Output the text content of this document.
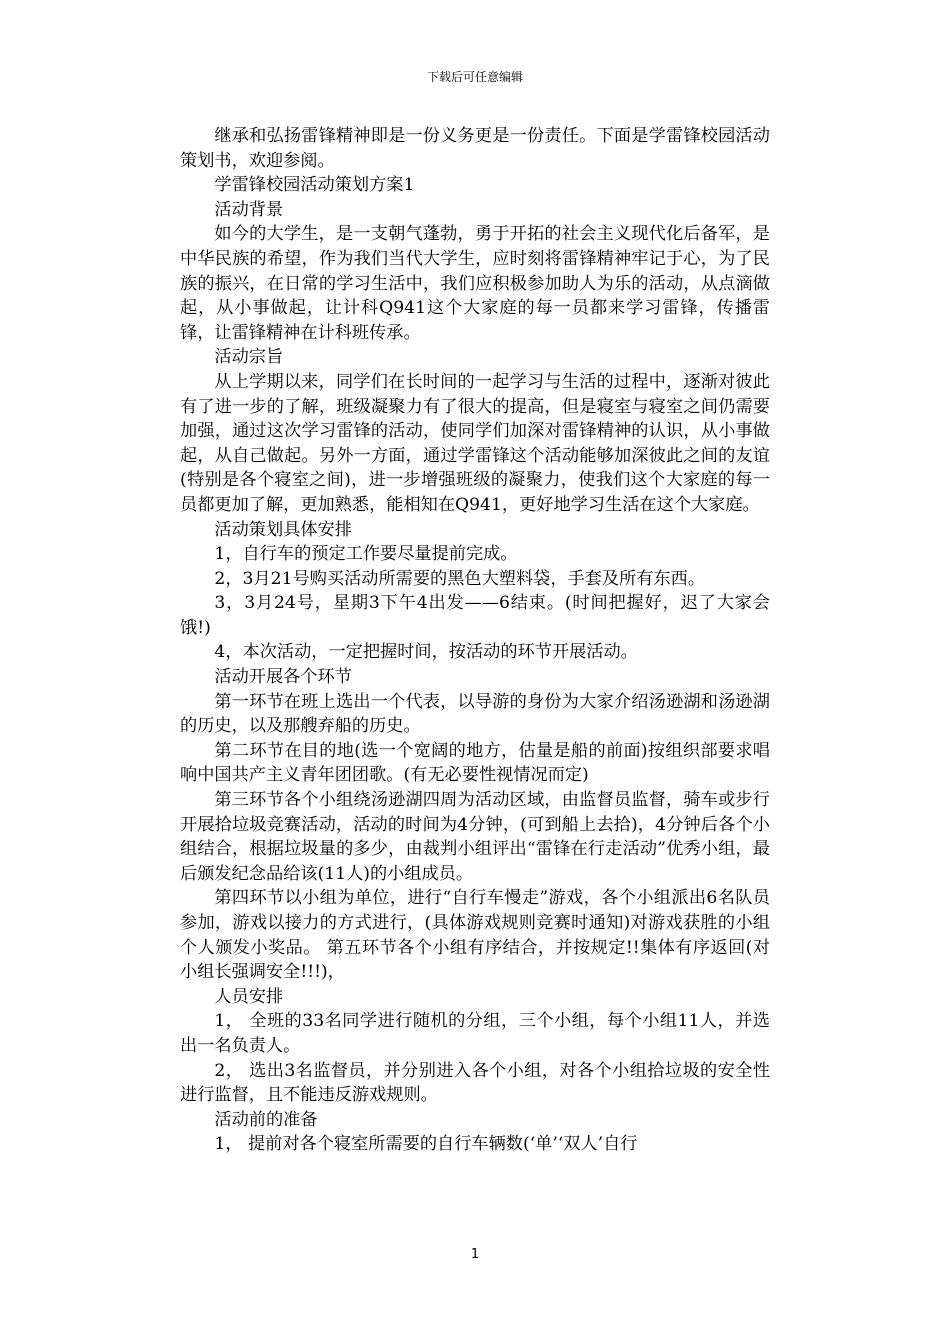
下载后可任意编辑

继承和弘扬雷锋精神即是一份义务更是一份责任。下面是学雷锋校园活动策划书，欢迎参阅。

学雷锋校园活动策划方案1

活动背景

如今的大学生，是一支朝气蓬勃，勇于开拓的社会主义现代化后备军，是中华民族的希望，作为我们当代大学生，应时刻将雷锋精神牢记于心，为了民族的振兴，在日常的学习生活中，我们应积极参加助人为乐的活动，从点滴做起，从小事做起，让计科Q941这个大家庭的每一员都来学习雷锋，传播雷锋，让雷锋精神在计科班传承。

活动宗旨

从上学期以来，同学们在长时间的一起学习与生活的过程中，逐渐对彼此有了进一步的了解，班级凝聚力有了很大的提高，但是寝室与寝室之间仍需要加强，通过这次学习雷锋的活动，使同学们加深对雷锋精神的认识，从小事做起，从自己做起。另外一方面，通过学雷锋这个活动能够加深彼此之间的友谊(特别是各个寝室之间)，进一步增强班级的凝聚力，使我们这个大家庭的每一员都更加了解，更加熟悉，能相知在Q941，更好地学习生活在这个大家庭。

活动策划具体安排

1，自行车的预定工作要尽量提前完成。

2，3月21号购买活动所需要的黑色大塑料袋，手套及所有东西。

3，3月24号，星期3下午4出发——6结束。(时间把握好，迟了大家会饿!)

4，本次活动，一定把握时间，按活动的环节开展活动。

活动开展各个环节

第一环节在班上选出一个代表，以导游的身份为大家介绍汤逊湖和汤逊湖的历史，以及那艘弃船的历史。

第二环节在目的地(选一个宽阔的地方，估量是船的前面)按组织部要求唱响中国共产主义青年团团歌。(有无必要性视情况而定)

第三环节各个小组绕汤逊湖四周为活动区域，由监督员监督，骑车或步行开展拾垃圾竞赛活动，活动的时间为4分钟，(可到船上去拾)，4分钟后各个小组结合，根据垃圾量的多少，由裁判小组评出“雷锋在行走活动”优秀小组，最后颁发纪念品给该(11人)的小组成员。

第四环节以小组为单位，进行“自行车慢走”游戏，各个小组派出6名队员参加，游戏以接力的方式进行，(具体游戏规则竞赛时通知)对游戏获胜的小组个人颁发小奖品。 第五环节各个小组有序结合，并按规定!!集体有序返回(对小组长强调安全!!!)，

人员安排

1， 全班的33名同学进行随机的分组，三个小组，每个小组11人，并选出一名负责人。

2， 选出3名监督员，并分别进入各个小组，对各个小组拾垃圾的安全性进行监督，且不能违反游戏规则。

活动前的准备

1， 提前对各个寝室所需要的自行车辆数(‘单’‘双人’自行

1
